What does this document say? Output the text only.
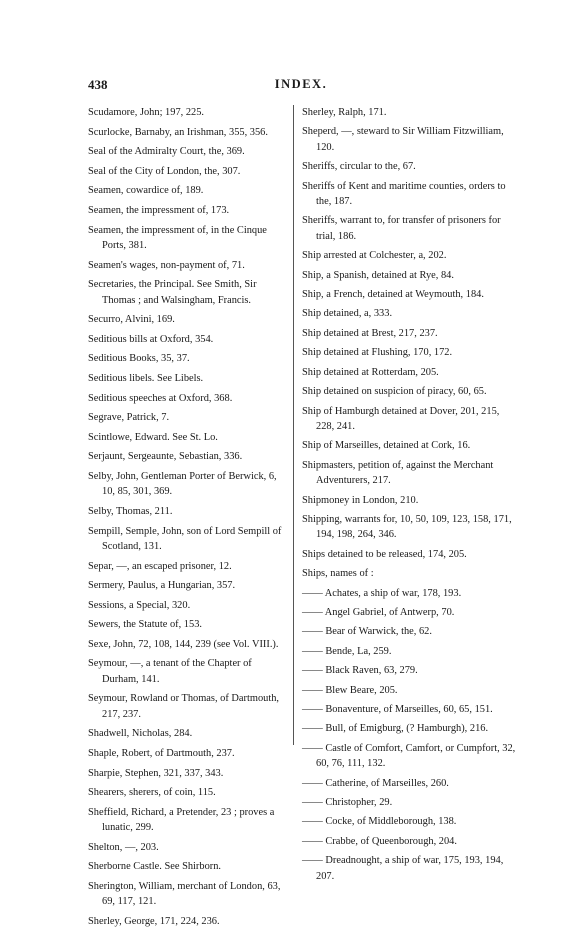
438	INDEX.
Scudamore, John; 197, 225.
Scurlocke, Barnaby, an Irishman, 355, 356.
Seal of the Admiralty Court, the, 369.
Seal of the City of London, the, 307.
Seamen, cowardice of, 189.
Seamen, the impressment of, 173.
Seamen, the impressment of, in the Cinque Ports, 381.
Seamen's wages, non-payment of, 71.
Secretaries, the Principal. See Smith, Sir Thomas ; and Walsingham, Francis.
Securro, Alvini, 169.
Seditious bills at Oxford, 354.
Seditious Books, 35, 37.
Seditious libels. See Libels.
Seditious speeches at Oxford, 368.
Segrave, Patrick, 7.
Scintlowe, Edward. See St. Lo.
Serjaunt, Sergeaunte, Sebastian, 336.
Selby, John, Gentleman Porter of Berwick, 6, 10, 85, 301, 369.
Selby, Thomas, 211.
Sempill, Semple, John, son of Lord Sempill of Scotland, 131.
Separ, —, an escaped prisoner, 12.
Sermery, Paulus, a Hungarian, 357.
Sessions, a Special, 320.
Sewers, the Statute of, 153.
Sexe, John, 72, 108, 144, 239 (see Vol. VIII.).
Seymour, —, a tenant of the Chapter of Durham, 141.
Seymour, Rowland or Thomas, of Dartmouth, 217, 237.
Shadwell, Nicholas, 284.
Shaple, Robert, of Dartmouth, 237.
Sharpie, Stephen, 321, 337, 343.
Shearers, sherers, of coin, 115.
Sheffield, Richard, a Pretender, 23 ; proves a lunatic, 299.
Shelton, —, 203.
Sherborne Castle. See Shirborn.
Sherington, William, merchant of London, 63, 69, 117, 121.
Sherley, George, 171, 224, 236.
Sherley, Ralph, 171.
Sheperd, —, steward to Sir William Fitzwilliam, 120.
Sheriffs, circular to the, 67.
Sheriffs of Kent and maritime counties, orders to the, 187.
Sheriffs, warrant to, for transfer of prisoners for trial, 186.
Ship arrested at Colchester, a, 202.
Ship, a Spanish, detained at Rye, 84.
Ship, a French, detained at Weymouth, 184.
Ship detained, a, 333.
Ship detained at Brest, 217, 237.
Ship detained at Flushing, 170, 172.
Ship detained at Rotterdam, 205.
Ship detained on suspicion of piracy, 60, 65.
Ship of Hamburgh detained at Dover, 201, 215, 228, 241.
Ship of Marseilles, detained at Cork, 16.
Shipmasters, petition of, against the Merchant Adventurers, 217.
Shipmoney in London, 210.
Shipping, warrants for, 10, 50, 109, 123, 158, 171, 194, 198, 264, 346.
Ships detained to be released, 174, 205.
Ships, names of :
—— Achates, a ship of war, 178, 193.
—— Angel Gabriel, of Antwerp, 70.
—— Bear of Warwick, the, 62.
—— Bende, La, 259.
—— Black Raven, 63, 279.
—— Blew Beare, 205.
—— Bonaventure, of Marseilles, 60, 65, 151.
—— Bull, of Emigburg, (? Hamburgh), 216.
—— Castle of Comfort, Camfort, or Cumpfort, 32, 60, 76, 111, 132.
—— Catherine, of Marseilles, 260.
—— Christopher, 29.
—— Cocke, of Middleborough, 138.
—— Crabbe, of Queenborough, 204.
—— Dreadnought, a ship of war, 175, 193, 194, 207.
